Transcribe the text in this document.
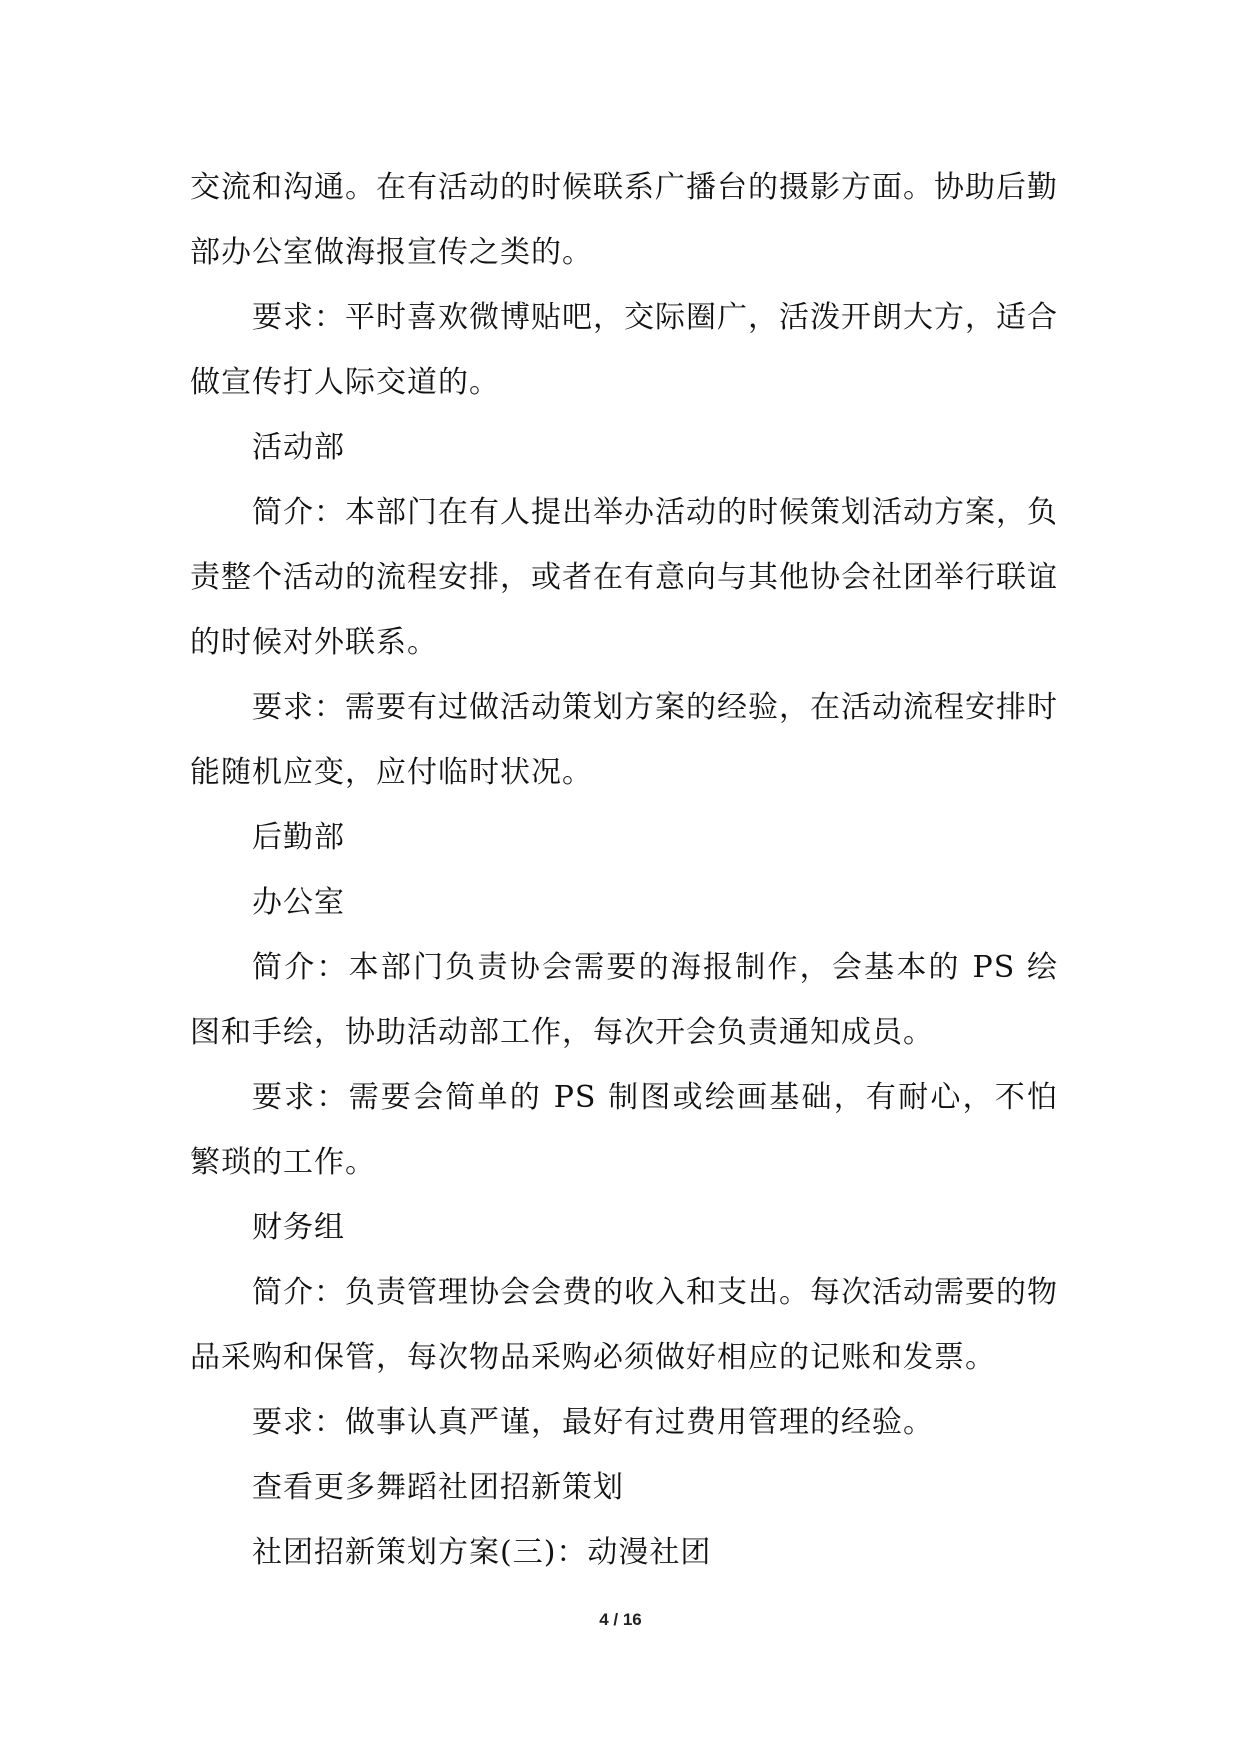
交流和沟通。在有活动的时候联系广播台的摄影方面。协助后勤部办公室做海报宣传之类的。

要求：平时喜欢微博贴吧，交际圈广，活泼开朗大方，适合做宣传打人际交道的。

活动部

简介：本部门在有人提出举办活动的时候策划活动方案，负责整个活动的流程安排，或者在有意向与其他协会社团举行联谊的时候对外联系。

要求：需要有过做活动策划方案的经验，在活动流程安排时能随机应变，应付临时状况。

后勤部

办公室

简介：本部门负责协会需要的海报制作，会基本的 PS 绘图和手绘，协助活动部工作，每次开会负责通知成员。

要求：需要会简单的 PS 制图或绘画基础，有耐心，不怕繁琐的工作。

财务组

简介：负责管理协会会费的收入和支出。每次活动需要的物品采购和保管，每次物品采购必须做好相应的记账和发票。

要求：做事认真严谨，最好有过费用管理的经验。

查看更多舞蹈社团招新策划

社团招新策划方案(三)：动漫社团

4 / 16
